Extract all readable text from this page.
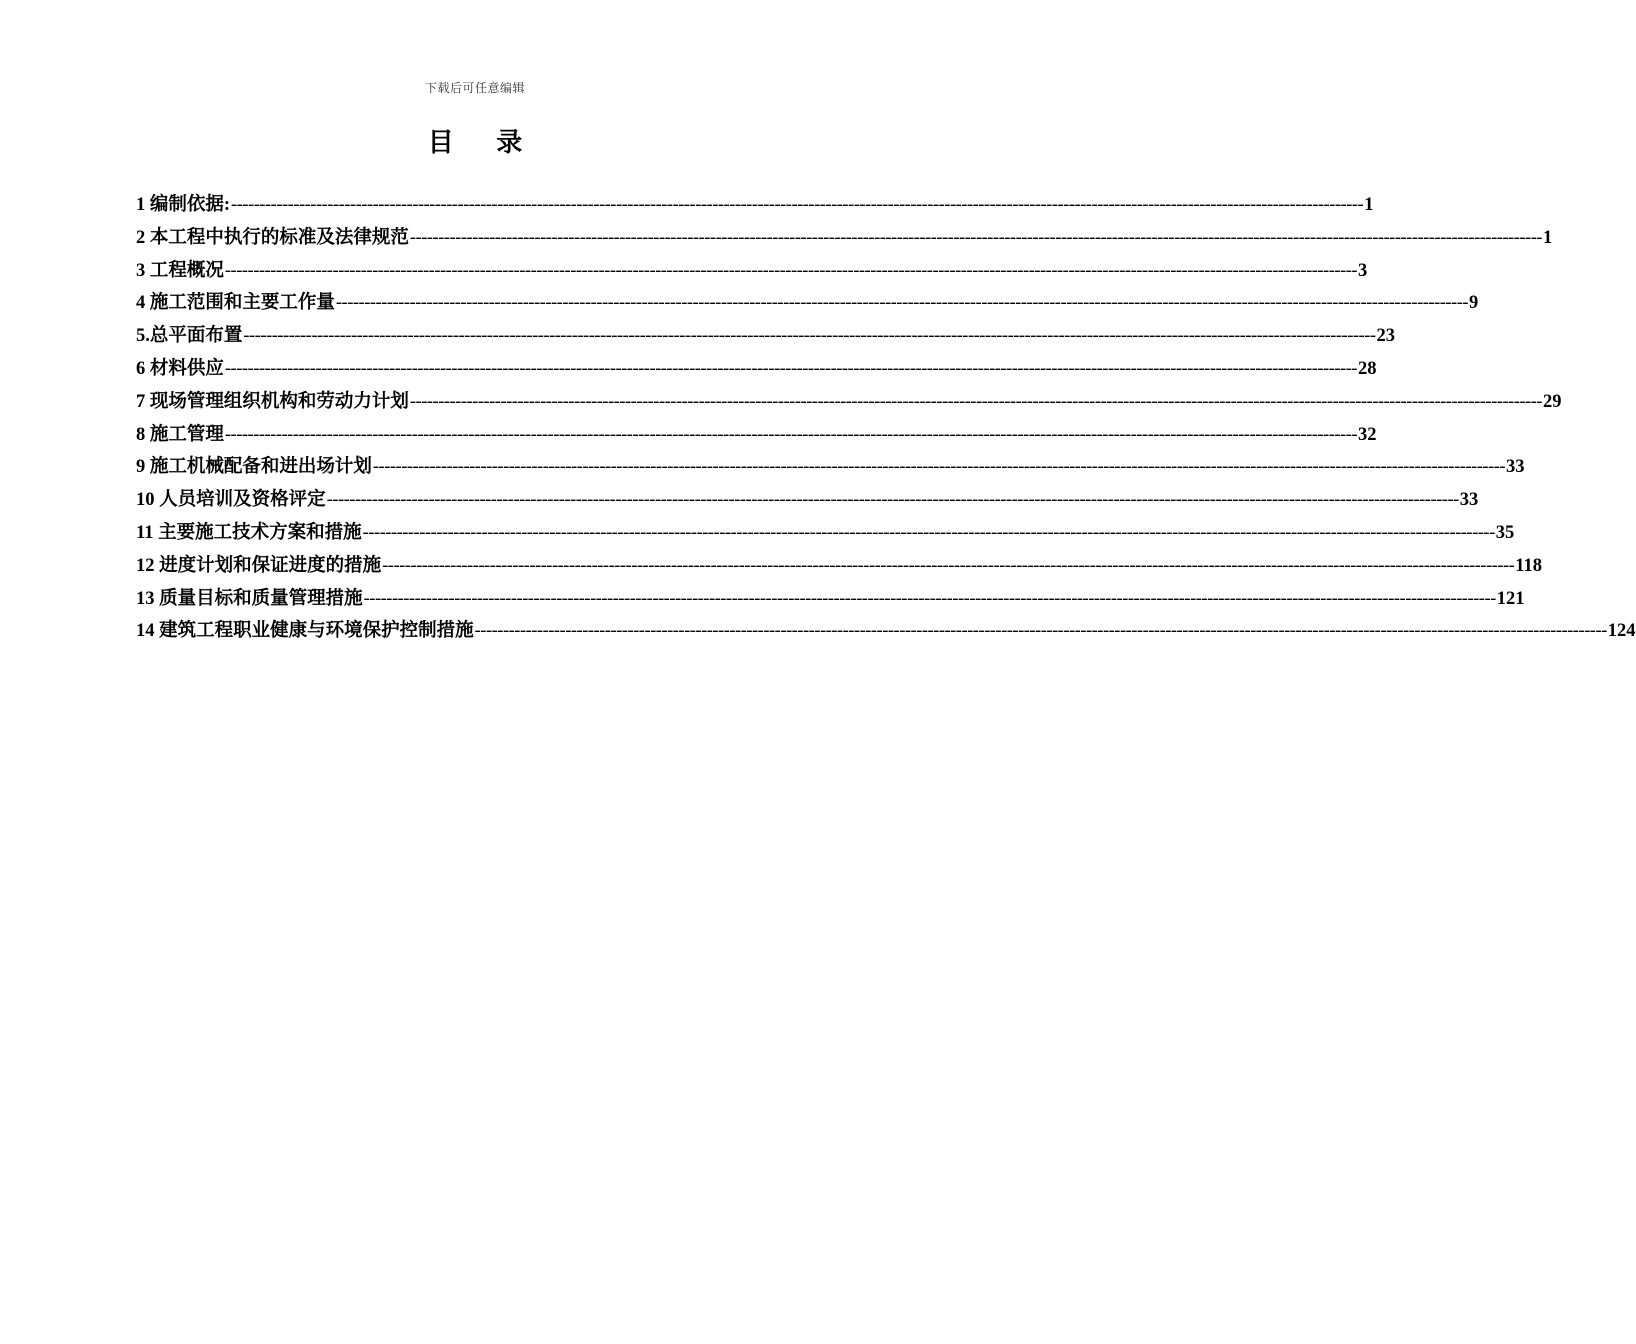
下载后可任意编辑
目 录
1 编制依据: -------------------------------------------------------------------------------------------------------------------------------------------------------------------------------------------------------- 1
2 本工程中执行的标准及法律规范 -------------------------------------------------------------------------------------------------------------------------------------------------------------------------------------------------------- 1
3 工程概况 -------------------------------------------------------------------------------------------------------------------------------------------------------------------------------------------------------- 3
4 施工范围和主要工作量 -------------------------------------------------------------------------------------------------------------------------------------------------------------------------------------------------------- 9
5.总平面布置 -------------------------------------------------------------------------------------------------------------------------------------------------------------------------------------------------------- 23
6 材料供应 -------------------------------------------------------------------------------------------------------------------------------------------------------------------------------------------------------- 28
7 现场管理组织机构和劳动力计划 -------------------------------------------------------------------------------------------------------------------------------------------------------------------------------------------------------- 29
8 施工管理 -------------------------------------------------------------------------------------------------------------------------------------------------------------------------------------------------------- 32
9 施工机械配备和进出场计划 -------------------------------------------------------------------------------------------------------------------------------------------------------------------------------------------------------- 33
10 人员培训及资格评定 -------------------------------------------------------------------------------------------------------------------------------------------------------------------------------------------------------- 33
11 主要施工技术方案和措施 -------------------------------------------------------------------------------------------------------------------------------------------------------------------------------------------------------- 35
12 进度计划和保证进度的措施 -------------------------------------------------------------------------------------------------------------------------------------------------------------------------------------------------------- 118
13 质量目标和质量管理措施 -------------------------------------------------------------------------------------------------------------------------------------------------------------------------------------------------------- 121
14 建筑工程职业健康与环境保护控制措施 -------------------------------------------------------------------------------------------------------------------------------------------------------------------------------------------------------- 124
